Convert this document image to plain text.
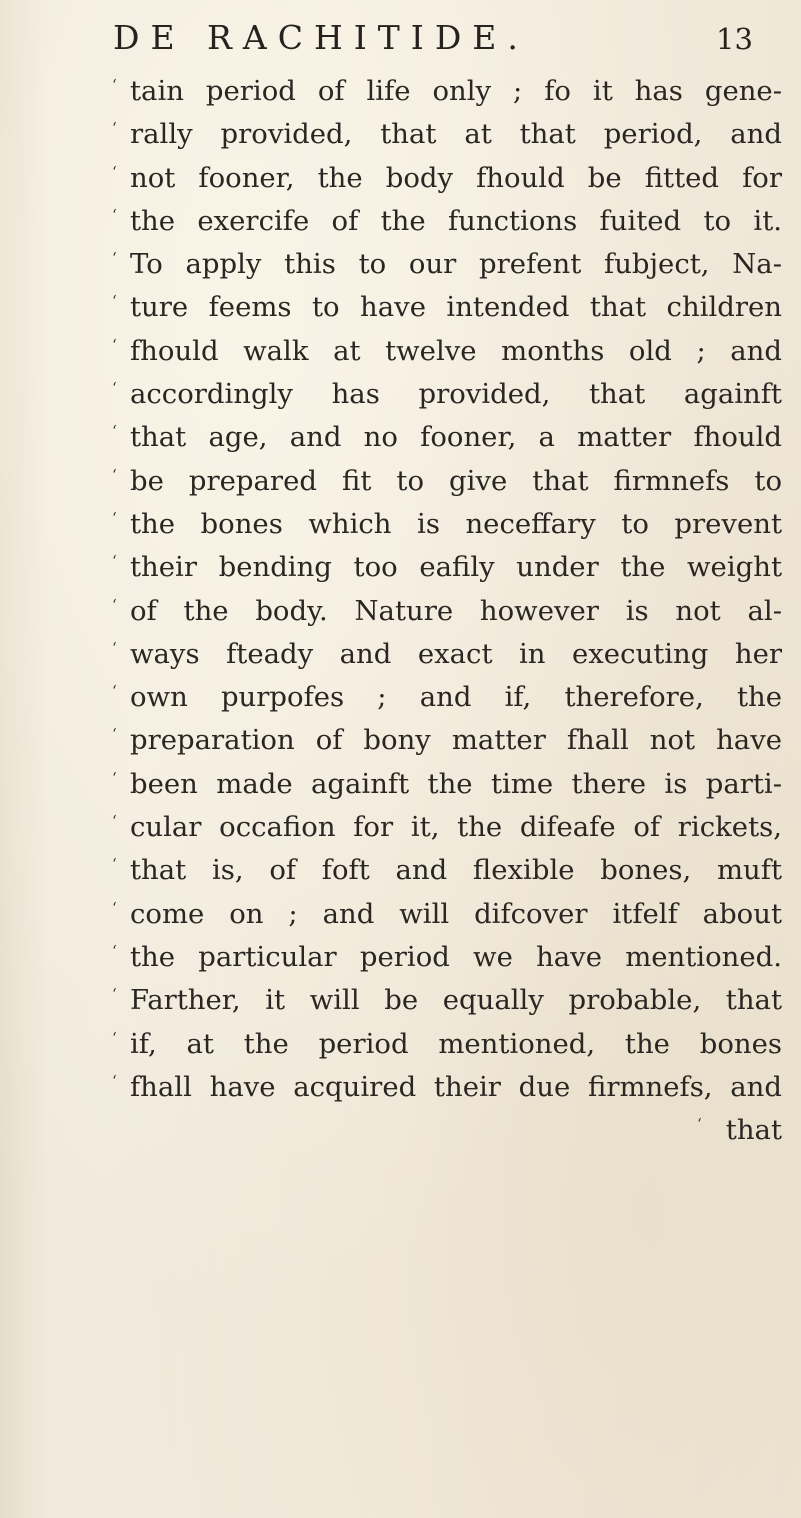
DE RACHITIDE.	13
‘ tain period of life only ; fo it has gene-
‘ rally provided, that at that period, and
‘ not fooner, the body fhould be fitted for
‘ the exercife of the functions fuited to it.
‘ To apply this to our prefent fubject, Na-
‘ ture feems to have intended that children
‘ fhould walk at twelve months old ; and
‘ accordingly has provided, that againft
‘ that age, and no fooner, a matter fhould
‘ be prepared fit to give that firmnefs to
‘ the bones which is neceffary to prevent
‘ their bending too eafily under the weight
‘ of the body. Nature however is not al-
‘ ways fteady and exact in executing her
‘ own purpofes ; and if, therefore, the
‘ preparation of bony matter fhall not have
‘ been made againft the time there is parti-
‘ cular occafion for it, the difeafe of rickets,
‘ that is, of foft and flexible bones, muft
‘ come on ; and will difcover itfelf about
‘ the particular period we have mentioned.
‘ Farther, it will be equally probable, that
‘ if, at the period mentioned, the bones
‘ fhall have acquired their due firmnefs, and
‘ that
